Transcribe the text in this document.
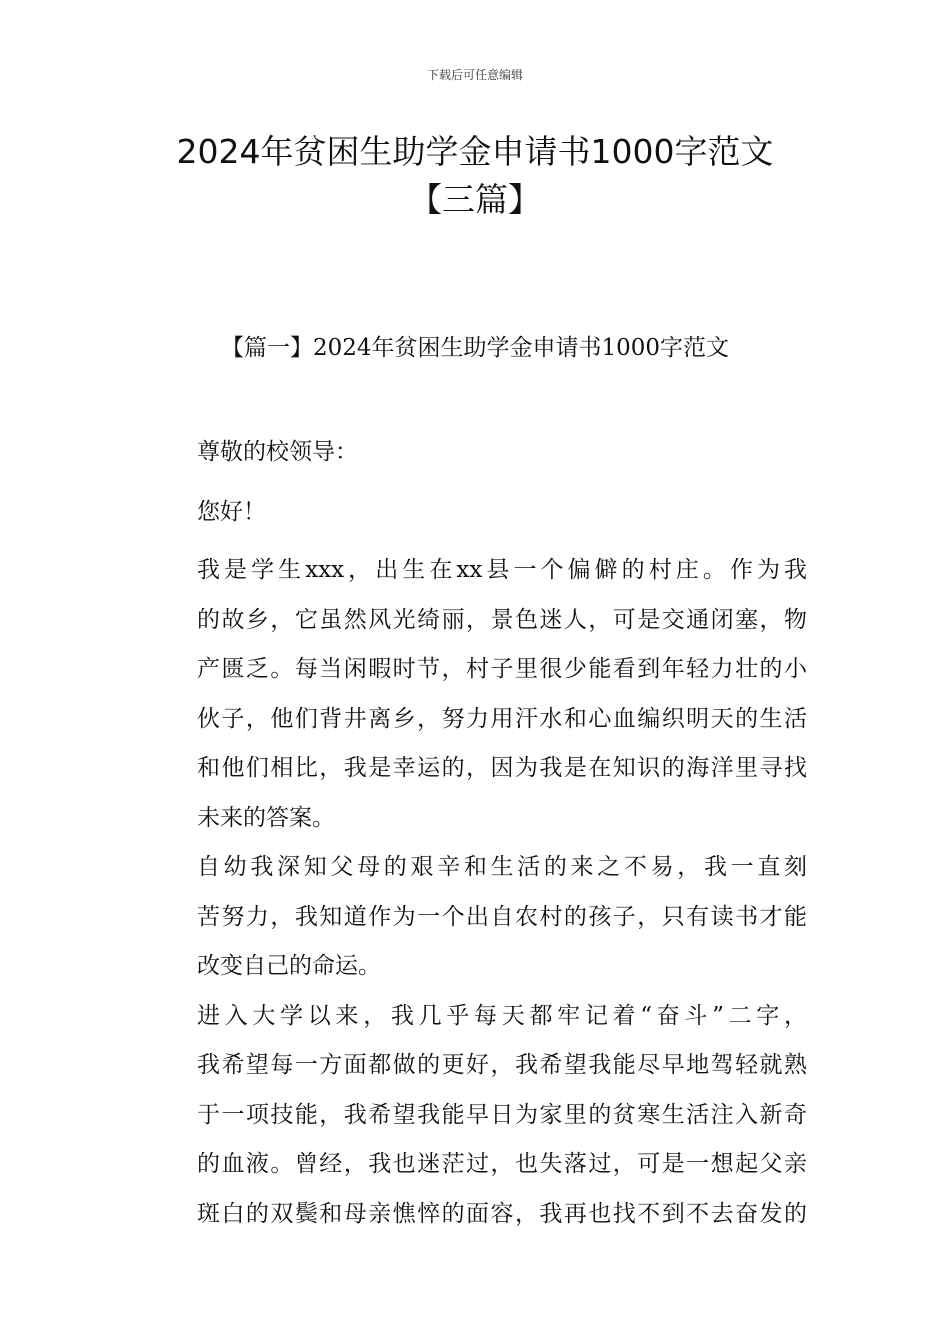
下载后可任意编辑
2024年贫困生助学金申请书1000字范文
【三篇】
【篇一】2024年贫困生助学金申请书1000字范文

尊敬的校领导：

您好！

我是学生xxx，出生在xx县一个偏僻的村庄。作为我
的故乡，它虽然风光绮丽，景色迷人，可是交通闭塞，物
产匮乏。每当闲暇时节，村子里很少能看到年轻力壮的小
伙子，他们背井离乡，努力用汗水和心血编织明天的生活
和他们相比，我是幸运的，因为我是在知识的海洋里寻找
未来的答案。

自幼我深知父母的艰辛和生活的来之不易，我一直刻
苦努力，我知道作为一个出自农村的孩子，只有读书才能
改变自己的命运。

进入大学以来，我几乎每天都牢记着“奋斗”二字，
我希望每一方面都做的更好，我希望我能尽早地驾轻就熟
于一项技能，我希望我能早日为家里的贫寒生活注入新奇
的血液。曾经，我也迷茫过，也失落过，可是一想起父亲
斑白的双鬓和母亲憔悴的面容，我再也找不到不去奋发的
